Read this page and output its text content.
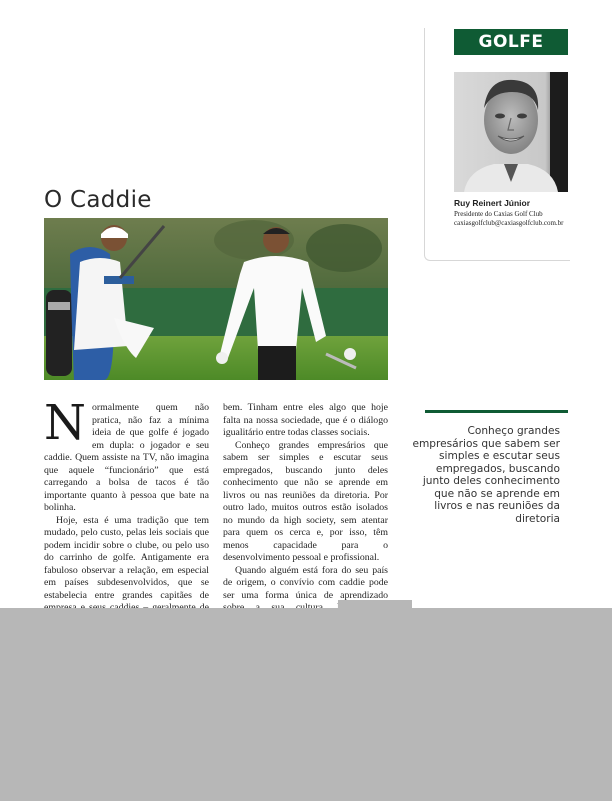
GOLFE
Ruy Reinert Júnior
Presidente do Caxias Golf Club
caxiasgolfclub@caxiasgolfclub.com.br
O Caddie

Normalmente quem não pratica, não faz a mínima ideia de que golfe é jogado em dupla: o jogador e seu caddie. Quem assiste na TV, não imagina que aquele “funcionário” que está carregando a bolsa de tacos é tão importante quanto à pessoa que bate na bolinha.

Hoje, esta é uma tradição que tem mudado, pelo custo, pelas leis sociais que podem incidir sobre o clube, ou pelo uso do carrinho de golfe. Antigamente era fabuloso observar a relação, em especial em países subdesenvolvidos, que se estabelecia entre grandes capitães de

bem. Tinham entre eles algo que hoje falta na nossa sociedade, que é o diálogo igualitário entre todas classes sociais.

Conheço grandes empresários que sabem ser simples e escutar seus empregados, buscando junto deles conhecimento que não se aprende em livros ou nas reuniões da diretoria. Por outro lado, muitos outros estão isolados no mundo da high society, sem atentar para quem os cerca e, por isso, têm menos capacidade para o desenvolvimento pessoal e profissional.

Quando alguém está fora do seu país de origem, o convívio com caddie pode ser uma forma única de aprendizado

Conheço grandes empresários que sabem ser simples e escutar seus empregados, buscando junto deles conhecimento que não se aprende em livros e nas reuniões da diretoria
